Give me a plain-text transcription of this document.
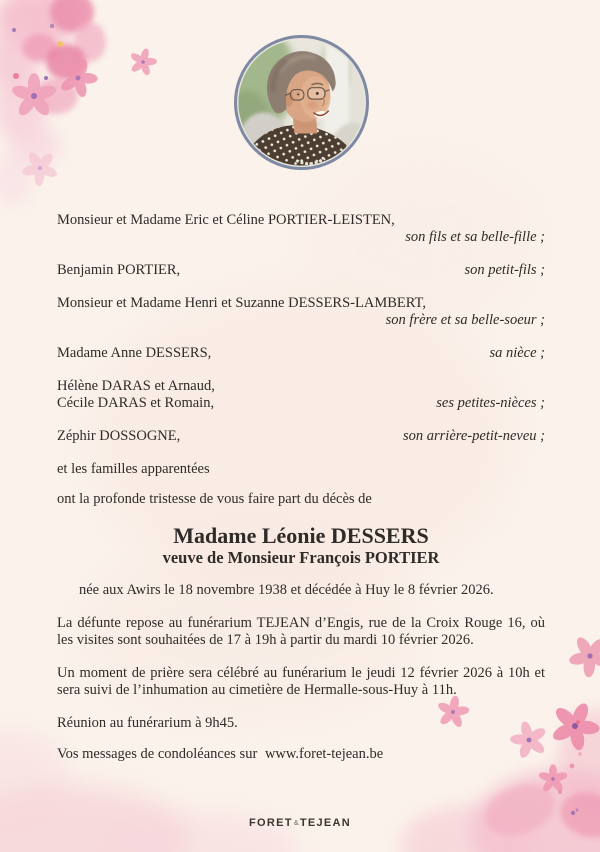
Monsieur et Madame Eric et Céline PORTIER-LEISTEN,
son fils et sa belle-fille ;
Benjamin PORTIER,	son petit-fils ;
Monsieur et Madame Henri et Suzanne DESSERS-LAMBERT,
son frère et sa belle-soeur ;
Madame Anne DESSERS,	sa nièce ;
Hélène DARAS et Arnaud,
Cécile DARAS et Romain,	ses petites-nièces ;
Zéphir DOSSOGNE,	son arrière-petit-neveu ;
et les familles apparentées
ont la profonde tristesse de vous faire part du décès de
Madame Léonie DESSERS
veuve de Monsieur François PORTIER

née aux Awirs le 18 novembre 1938 et décédée à Huy le 8 février 2026.

La défunte repose au funérarium TEJEAN d’Engis, rue de la Croix Rouge 16, où les visites sont souhaitées de 17 à 19h à partir du mardi 10 février 2026.

Un moment de prière sera célébré au funérarium le jeudi 12 février 2026 à 10h et sera suivi de l’inhumation au cimetière de Hermalle-sous-Huy à 11h.

Réunion au funérarium à 9h45.

Vos messages de condoléances sur www.foret-tejean.be

FORET&TEJEAN
